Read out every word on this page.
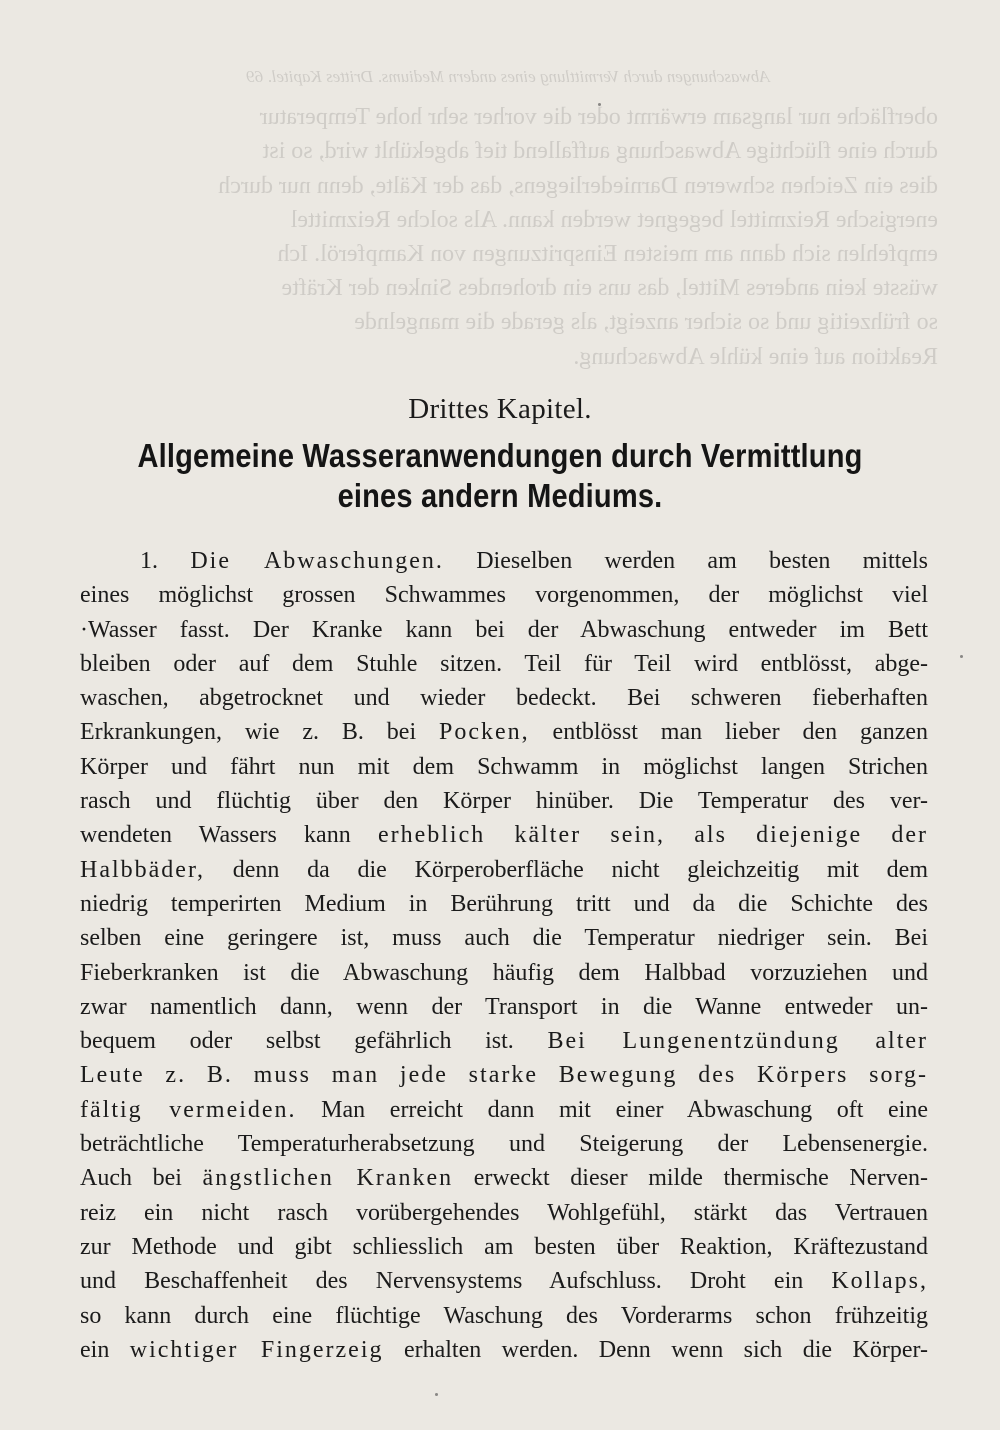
Abwaschungen durch Vermittlung eines andern Mediums. Drittes Kapitel. 69

oberfläche nur langsam erwärmt oder die vorher sehr hohe Temperatur

durch eine flüchtige Abwaschung auffallend tief abgekühlt wird, so ist

dies ein Zeichen schweren Darniederliegens, das der Kälte, denn nur durch

energische Reizmittel begegnet werden kann. Als solche Reizmittel

empfehlen sich dann am meisten Einspritzungen von Kampferöl. Ich

wüsste kein anderes Mittel, das uns ein drohendes Sinken der Kräfte

so frühzeitig und so sicher anzeigt, als gerade die mangelnde

Reaktion auf eine kühle Abwaschung.

Drittes Kapitel.
Allgemeine Wasseranwendungen durch Vermittlung
eines andern Mediums.
1. Die Abwaschungen. Dieselben werden am besten mittels
eines möglichst grossen Schwammes vorgenommen, der möglichst viel
·Wasser fasst. Der Kranke kann bei der Abwaschung entweder im Bett
bleiben oder auf dem Stuhle sitzen. Teil für Teil wird entblösst, abge-
waschen, abgetrocknet und wieder bedeckt. Bei schweren fieberhaften
Erkrankungen, wie z. B. bei Pocken, entblösst man lieber den ganzen
Körper und fährt nun mit dem Schwamm in möglichst langen Strichen
rasch und flüchtig über den Körper hinüber. Die Temperatur des ver-
wendeten Wassers kann erheblich kälter sein, als diejenige der
Halbbäder, denn da die Körperoberfläche nicht gleichzeitig mit dem
niedrig temperirten Medium in Berührung tritt und da die Schichte des
selben eine geringere ist, muss auch die Temperatur niedriger sein. Bei
Fieberkranken ist die Abwaschung häufig dem Halbbad vorzuziehen und
zwar namentlich dann, wenn der Transport in die Wanne entweder un-
bequem oder selbst gefährlich ist. Bei Lungenentzündung alter
Leute z. B. muss man jede starke Bewegung des Körpers sorg-
fältig vermeiden. Man erreicht dann mit einer Abwaschung oft eine
beträchtliche Temperaturherabsetzung und Steigerung der Lebensenergie.
Auch bei ängstlichen Kranken erweckt dieser milde thermische Nerven-
reiz ein nicht rasch vorübergehendes Wohlgefühl, stärkt das Vertrauen
zur Methode und gibt schliesslich am besten über Reaktion, Kräftezustand
und Beschaffenheit des Nervensystems Aufschluss. Droht ein Kollaps,
so kann durch eine flüchtige Waschung des Vorderarms schon frühzeitig
ein wichtiger Fingerzeig erhalten werden. Denn wenn sich die Körper-
